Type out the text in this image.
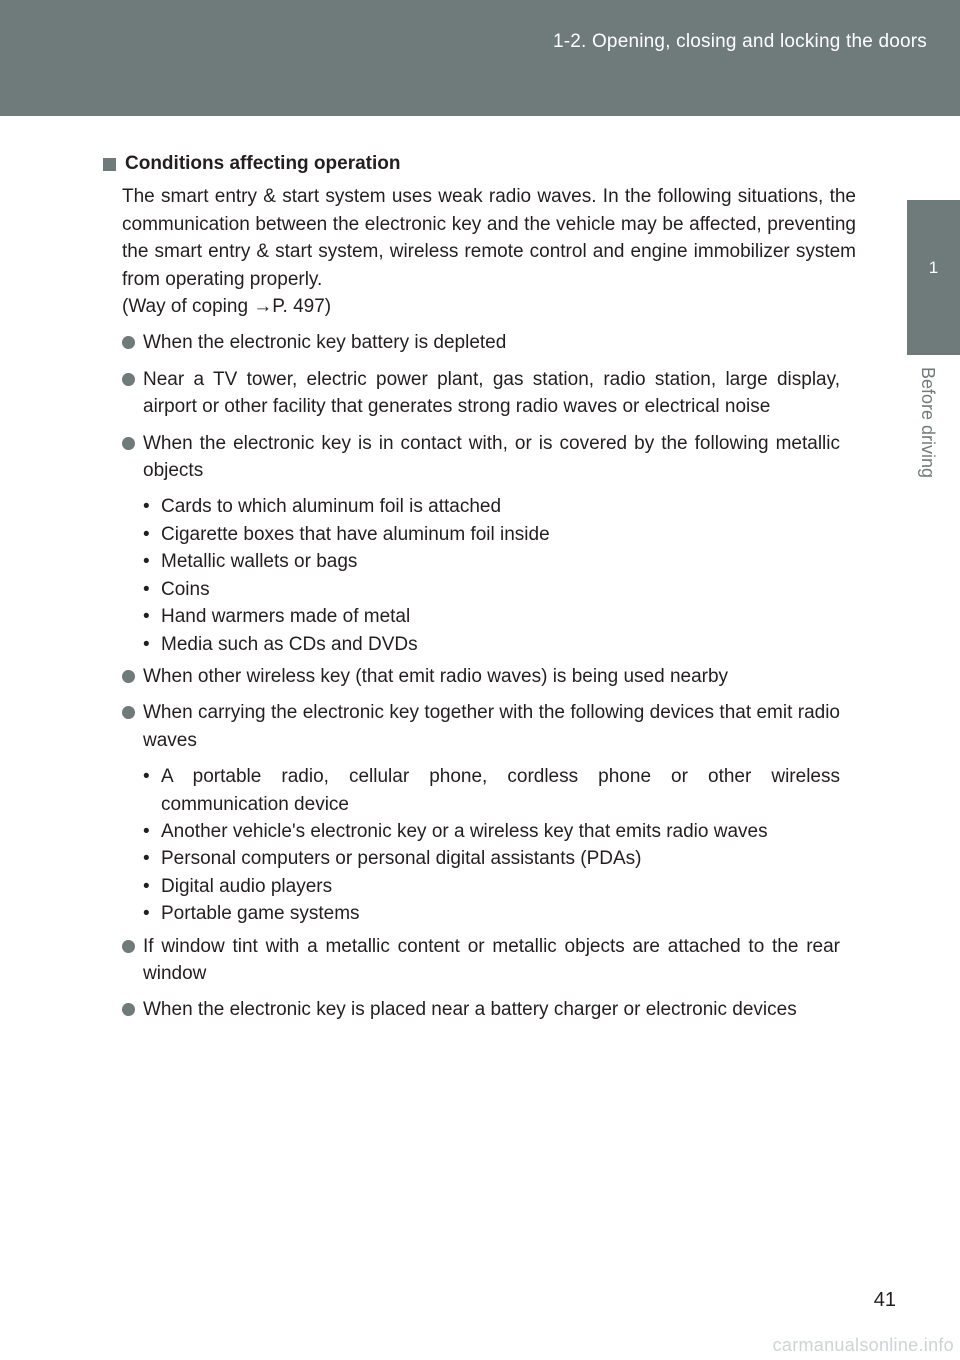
1-2. Opening, closing and locking the doors
1
Before driving
Conditions affecting operation
The smart entry & start system uses weak radio waves. In the following situations, the communication between the electronic key and the vehicle may be affected, preventing the smart entry & start system, wireless remote control and engine immobilizer system from operating properly.
(Way of coping →P. 497)
When the electronic key battery is depleted
Near a TV tower, electric power plant, gas station, radio station, large display, airport or other facility that generates strong radio waves or electrical noise
When the electronic key is in contact with, or is covered by the following metallic objects
• Cards to which aluminum foil is attached
• Cigarette boxes that have aluminum foil inside
• Metallic wallets or bags
• Coins
• Hand warmers made of metal
• Media such as CDs and DVDs
When other wireless key (that emit radio waves) is being used nearby
When carrying the electronic key together with the following devices that emit radio waves
• A portable radio, cellular phone, cordless phone or other wireless communication device
• Another vehicle's electronic key or a wireless key that emits radio waves
• Personal computers or personal digital assistants (PDAs)
• Digital audio players
• Portable game systems
If window tint with a metallic content or metallic objects are attached to the rear window
When the electronic key is placed near a battery charger or electronic devices
41
carmanualsonline.info
